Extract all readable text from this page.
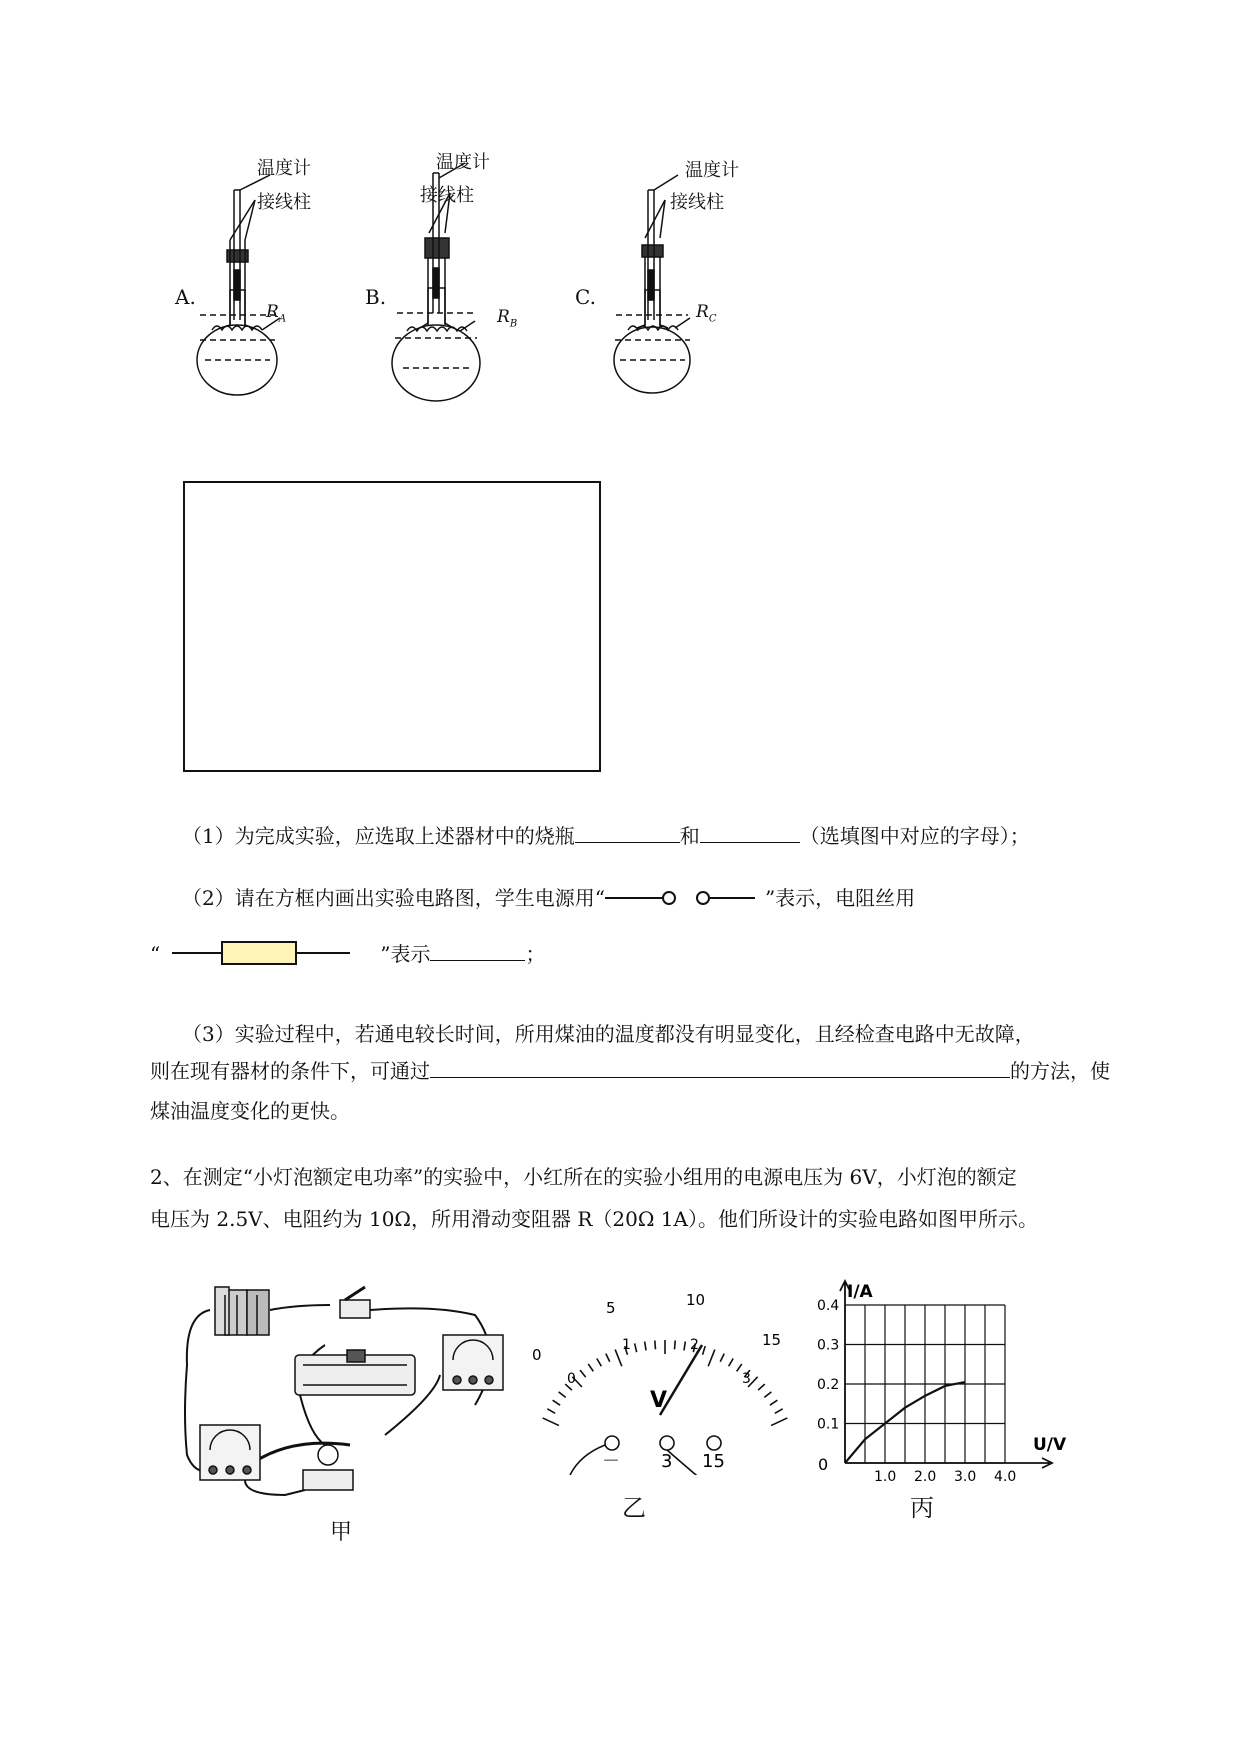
A.
温度计
接线柱
$R_A$
B.
温度计
接线柱
$R_B$
C.
温度计
接线柱
$R_C$
（1）为完成实验，应选取上述器材中的烧瓶	和	（选填图中对应的字母）；
（2）请在方框内画出实验电路图，学生电源用“	”表示，电阻丝用
“	”表示	；
（3）实验过程中，若通电较长时间，所用煤油的温度都没有明显变化，且经检查电路中无故障，
则在现有器材的条件下，可通过	的方法，使
煤油温度变化的更快。
2、在测定“小灯泡额定电功率”的实验中，小红所在的实验小组用的电源电压为 6V，小灯泡的额定
电压为 2.5V、电阻约为 10Ω，所用滑动变阻器 R（20Ω 1A）。他们所设计的实验电路如图甲所示。
甲
0
5	10
15
0
1	2
3
V
－ 3 15
乙
1.0 2.0 3.0 4.0
0.1
0.2
0.3
0.4
I/A
U/V
0
丙
